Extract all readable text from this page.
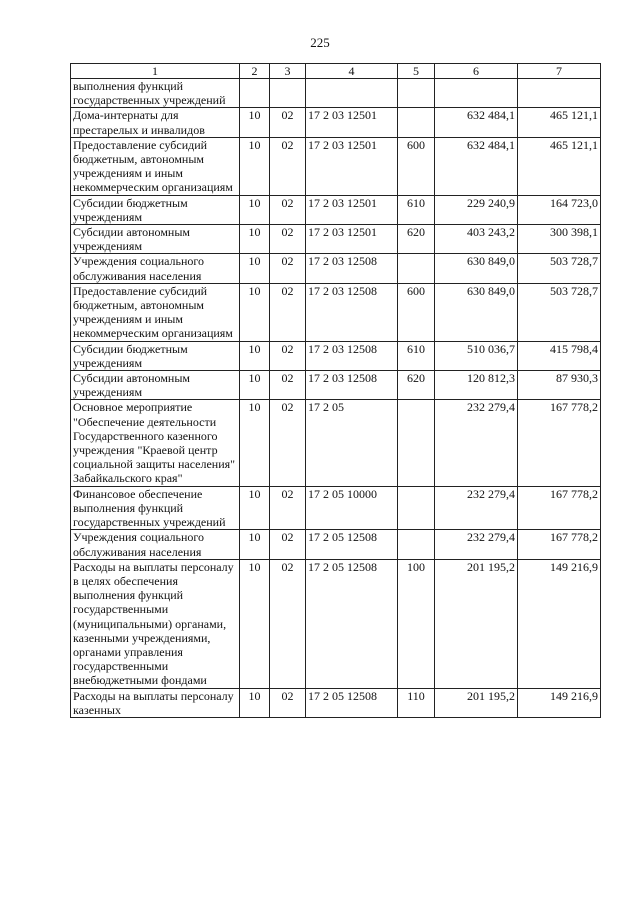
225
1	2	3	4	5	6	7
выполнения функций государственных учреждений						
Дома-интернаты для престарелых и инвалидов	10	02	17 2 03 12501		632 484,1	465 121,1
Предоставление субсидий бюджетным, автономным учреждениям и иным некоммерческим организациям	10	02	17 2 03 12501	600	632 484,1	465 121,1
Субсидии бюджетным учреждениям	10	02	17 2 03 12501	610	229 240,9	164 723,0
Субсидии автономным учреждениям	10	02	17 2 03 12501	620	403 243,2	300 398,1
Учреждения социального обслуживания населения	10	02	17 2 03 12508		630 849,0	503 728,7
Предоставление субсидий бюджетным, автономным учреждениям и иным некоммерческим организациям	10	02	17 2 03 12508	600	630 849,0	503 728,7
Субсидии бюджетным учреждениям	10	02	17 2 03 12508	610	510 036,7	415 798,4
Субсидии автономным учреждениям	10	02	17 2 03 12508	620	120 812,3	87 930,3
Основное мероприятие "Обеспечение деятельности Государственного казенного учреждения "Краевой центр социальной защиты населения" Забайкальского края"	10	02	17 2 05		232 279,4	167 778,2
Финансовое обеспечение выполнения функций государственных учреждений	10	02	17 2 05 10000		232 279,4	167 778,2
Учреждения социального обслуживания населения	10	02	17 2 05 12508		232 279,4	167 778,2
Расходы на выплаты персоналу в целях обеспечения выполнения функций государственными (муниципальными) органами, казенными учреждениями, органами управления государственными внебюджетными фондами	10	02	17 2 05 12508	100	201 195,2	149 216,9
Расходы на выплаты персоналу казенных	10	02	17 2 05 12508	110	201 195,2	149 216,9
